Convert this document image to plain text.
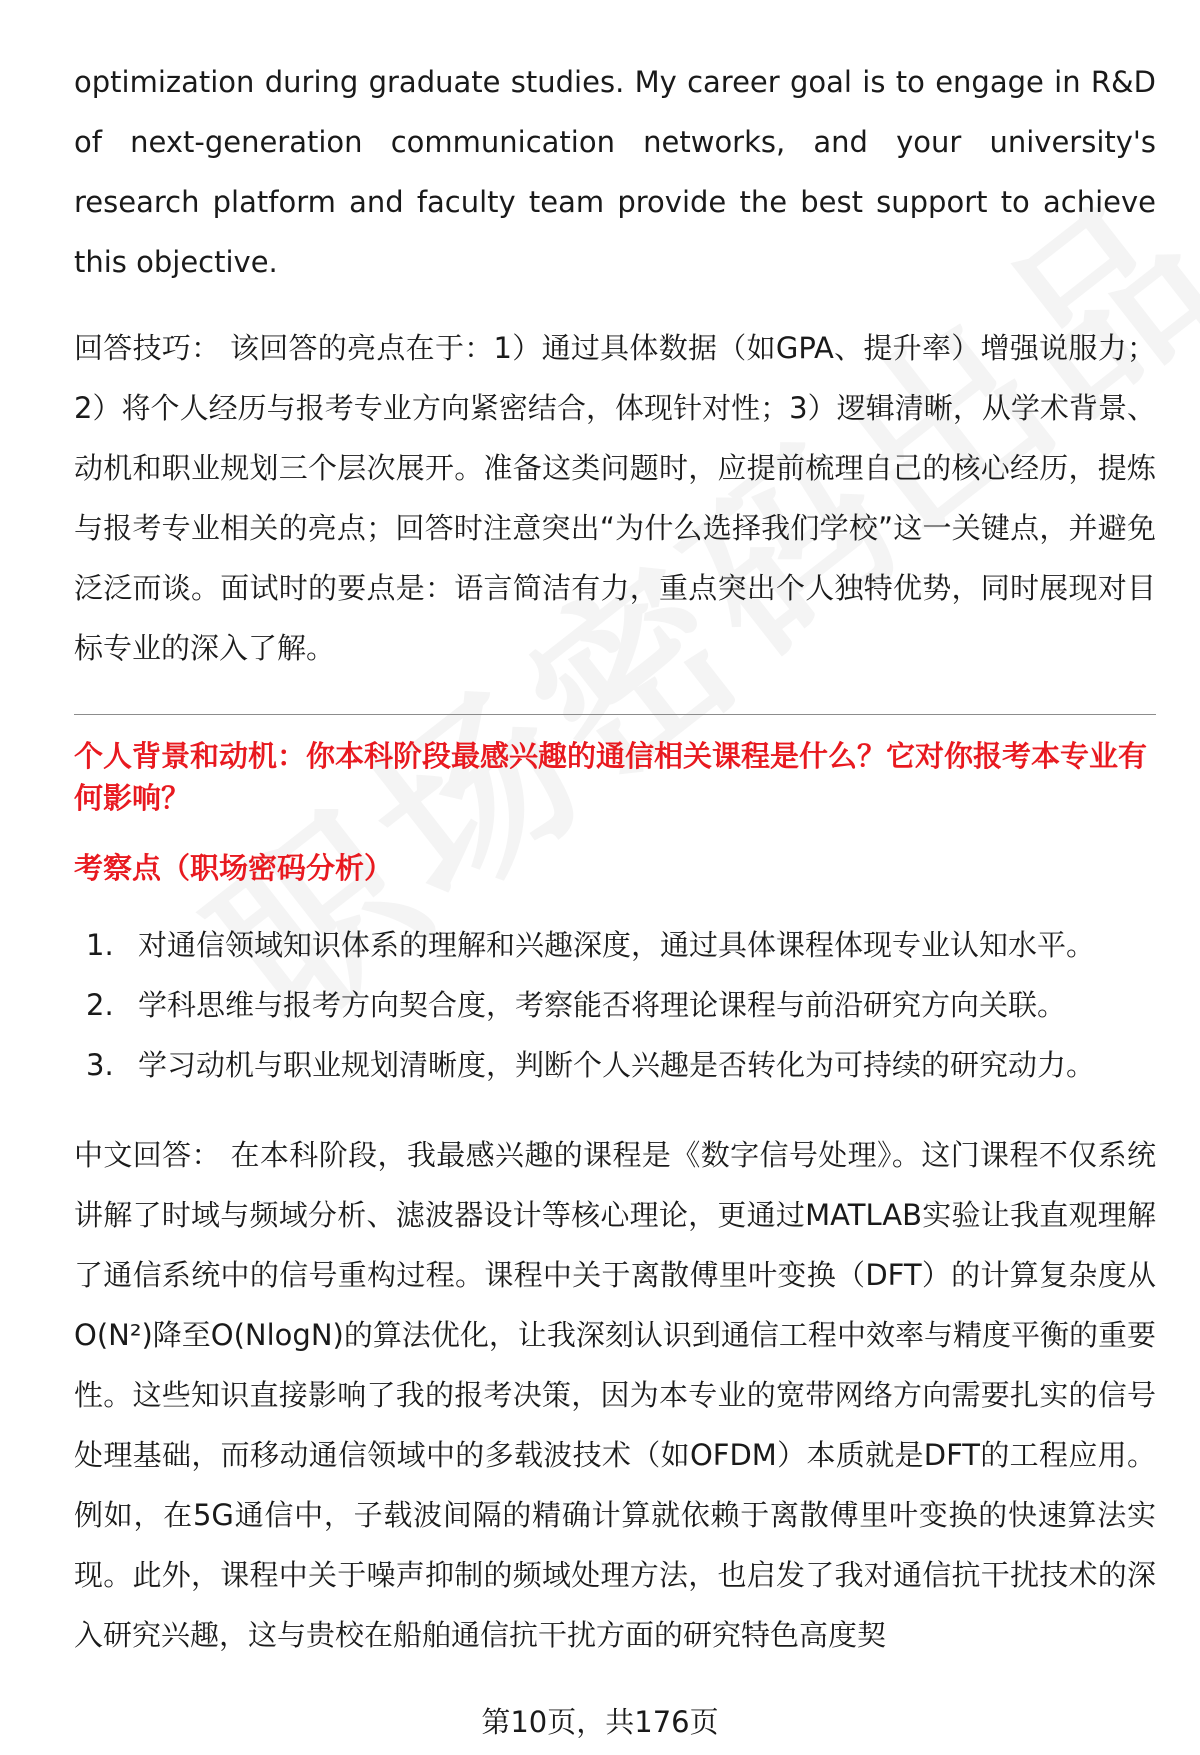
optimization during graduate studies. My career goal is to engage in R&D of next-generation communication networks, and your university's research platform and faculty team provide the best support to achieve this objective.

回答技巧： 该回答的亮点在于：1）通过具体数据（如GPA、提升率）增强说服力；2）将个人经历与报考专业方向紧密结合，体现针对性；3）逻辑清晰，从学术背景、动机和职业规划三个层次展开。准备这类问题时，应提前梳理自己的核心经历，提炼与报考专业相关的亮点；回答时注意突出“为什么选择我们学校”这一关键点，并避免泛泛而谈。面试时的要点是：语言简洁有力，重点突出个人独特优势，同时展现对目标专业的深入了解。

个人背景和动机：你本科阶段最感兴趣的通信相关课程是什么？它对你报考本专业有何影响？
考察点（职场密码分析）
1. 对通信领域知识体系的理解和兴趣深度，通过具体课程体现专业认知水平。
2. 学科思维与报考方向契合度，考察能否将理论课程与前沿研究方向关联。
3. 学习动机与职业规划清晰度，判断个人兴趣是否转化为可持续的研究动力。

中文回答： 在本科阶段，我最感兴趣的课程是《数字信号处理》。这门课程不仅系统讲解了时域与频域分析、滤波器设计等核心理论，更通过MATLAB实验让我直观理解了通信系统中的信号重构过程。课程中关于离散傅里叶变换（DFT）的计算复杂度从O(N²)降至O(NlogN)的算法优化，让我深刻认识到通信工程中效率与精度平衡的重要性。这些知识直接影响了我的报考决策，因为本专业的宽带网络方向需要扎实的信号处理基础，而移动通信领域中的多载波技术（如OFDM）本质就是DFT的工程应用。例如，在5G通信中，子载波间隔的精确计算就依赖于离散傅里叶变换的快速算法实现。此外，课程中关于噪声抑制的频域处理方法，也启发了我对通信抗干扰技术的深入研究兴趣，这与贵校在船舶通信抗干扰方面的研究特色高度契

第10页，共176页
